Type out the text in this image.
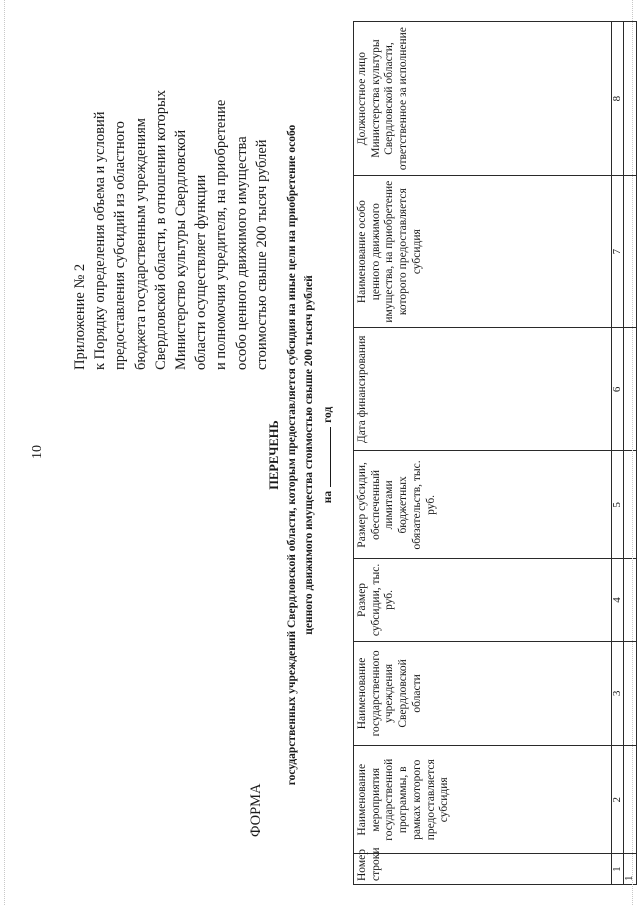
10
Приложение № 2 к Порядку определения объема и условий предоставления субсидий из областного бюджета государственным учреждениям Свердловской области, в отношении которых Министерство культуры Свердловской области осуществляет функции и полномочия учредителя, на приобретение особо ценного движимого имущества стоимостью свыше 200 тысяч рублей
ФОРМА
ПЕРЕЧЕНЬ государственных учреждений Свердловской области, которым предоставляется субсидия на иные цели на приобретение особо ценного движимого имущества стоимостью свыше 200 тысяч рублей нагод
Номер строки	Наименование мероприятия государственной программы, в рамках которого предоставляется субсидия	Наименование государственного учреждения Свердловской области	Размер субсидии, тыс. руб.	Размер субсидии, обеспеченный лимитами бюджетных обязательств, тыс. руб.	Дата финансирования	Наименование особо ценного движимого имущества, на приобретение которого предоставляется субсидия	Должностное лицо Министерства культуры Свердловской области, ответственное за исполнение
1	2	3	4	5	6	7	8
1							
